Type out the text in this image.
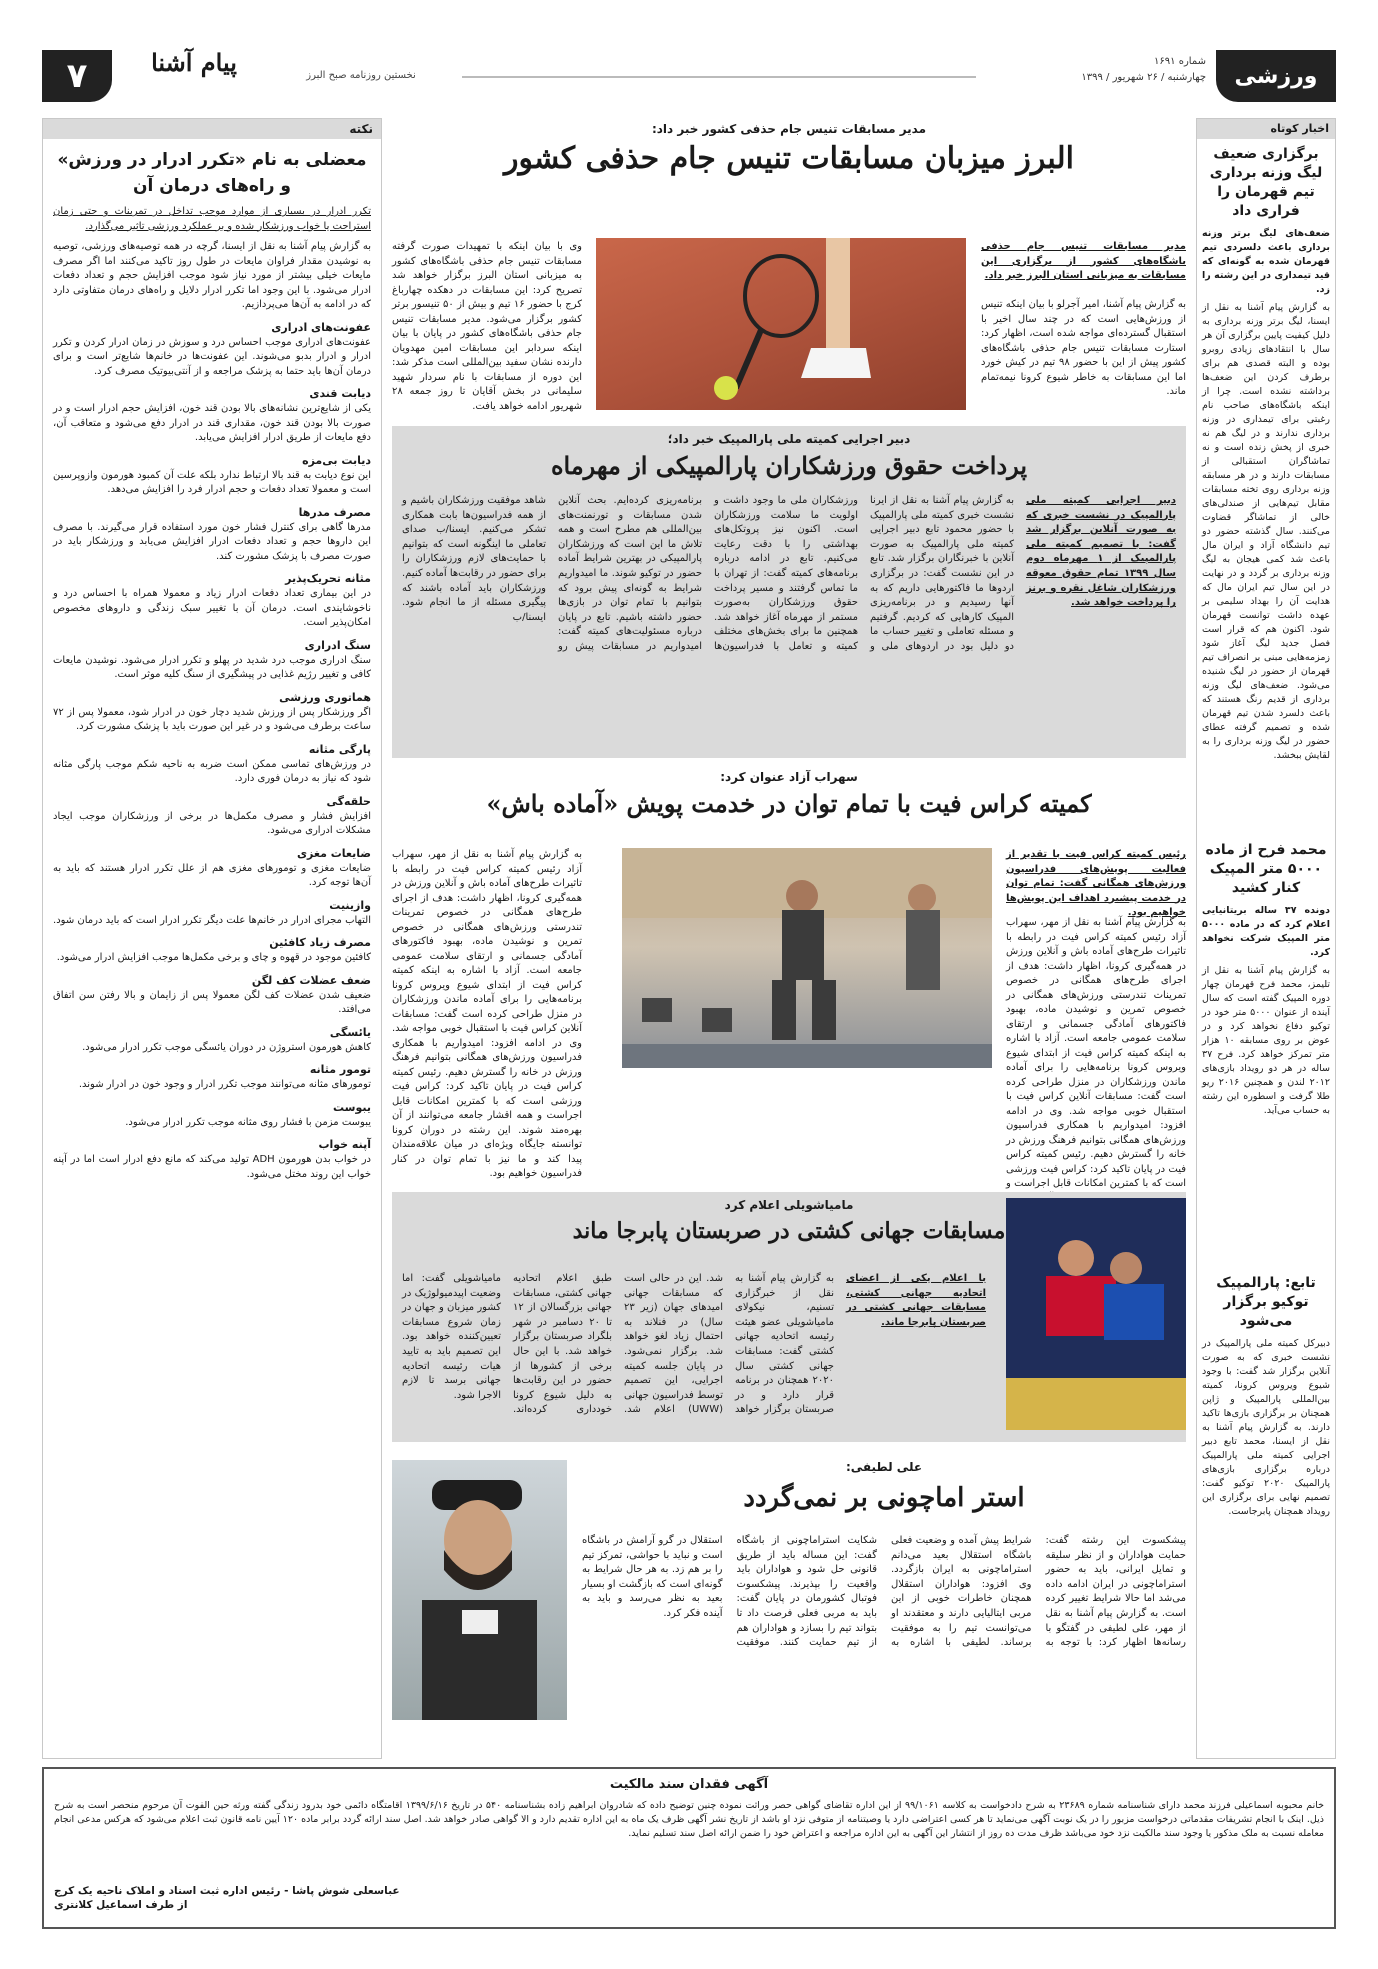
ورزشی
شماره ۱۶۹۱
چهارشنبه / ۲۶ شهریور / ۱۳۹۹
۷	پیام آشنا	نخستین روزنامه صبح البرز
اخبار کوتاه
برگزاری ضعیف لیگ وزنه برداری تیم قهرمان را فراری داد
ضعف‌های لیگ برتر وزنه برداری باعث دلسردی تیم قهرمان شده به گونه‌ای که قید تیمداری در این رشته را زد.
به گزارش پیام آشنا به نقل از ایسنا، لیگ برتر وزنه برداری به دلیل کیفیت پایین برگزاری آن هر سال با انتقادهای زیادی روبرو بوده و البته قصدی هم برای برطرف کردن این ضعف‌ها برداشته نشده است. چرا از اینکه باشگاه‌های صاحب نام رغبتی برای تیمداری در وزنه برداری ندارند و در لیگ هم نه خبری از پخش زنده است و نه تماشاگران استقبالی از مسابقات دارند و در هر مسابقه وزنه برداری روی تخته مسابقات مقابل تیم‌هایی از صندلی‌های خالی از تماشاگر قضاوت می‌کنند. سال گذشته حضور دو تیم دانشگاه آزاد و ایران مال باعث شد کمی هیجان به لیگ وزنه برداری بر گردد و در نهایت در این سال تیم ایران مال که هدایت آن را بهداد سلیمی بر عهده داشت توانست قهرمان شود. اکنون هم که قرار است فصل جدید لیگ آغاز شود زمزمه‌هایی مبنی بر انصراف تیم قهرمان از حضور در لیگ شنیده می‌شود. ضعف‌های لیگ وزنه برداری از قدیم رنگ هستند که باعث دلسرد شدن تیم قهرمان شده و تصمیم گرفته عطای حضور در لیگ وزنه برداری را به لقایش ببخشد.
محمد فرح از ماده ۵۰۰۰ متر المپیک کنار کشید
دونده ۳۷ ساله بریتانیایی اعلام کرد که در ماده ۵۰۰۰ متر المپیک شرکت نخواهد کرد.
به گزارش پیام آشنا به نقل از تلیمز، محمد فرح قهرمان چهار دوره المپیک گفته است که سال آینده از عنوان ۵۰۰۰ متر خود در توکیو دفاع نخواهد کرد و در عوض بر روی مسابقه ۱۰ هزار متر تمرکز خواهد کرد. فرح ۳۷ ساله در هر دو رویداد بازی‌های ۲۰۱۲ لندن و همچنین ۲۰۱۶ ریو طلا گرفت و اسطوره این رشته به حساب می‌آید.
تابع: پارالمپیک توکیو برگزار می‌شود
دبیرکل کمیته ملی پارالمپیک در نشست خبری که به صورت آنلاین برگزار شد گفت: با وجود شیوع ویروس کرونا، کمیته بین‌المللی پارالمپیک و ژاپن همچنان بر برگزاری بازی‌ها تاکید دارند. به گزارش پیام آشنا به نقل از ایسنا، محمد تابع دبیر اجرایی کمیته ملی پارالمپیک درباره برگزاری بازی‌های پارالمپیک ۲۰۲۰ توکیو گفت: تصمیم نهایی برای برگزاری این رویداد همچنان پابرجاست.
نکته
معضلی به نام «تکرر ادرار در ورزش» و راه‌های درمان آن
تکرر ادرار در بسیاری از موارد موجب تداخل در تمرینات و حتی زمان استراحت یا خواب ورزشکار شده و بر عملکرد ورزشی تاثیر می‌گذارد.
به گزارش پیام آشنا به نقل از ایسنا، گرچه در همه توصیه‌های ورزشی، توصیه به نوشیدن مقدار فراوان مایعات در طول روز تاکید می‌کنند اما اگر مصرف مایعات خیلی بیشتر از مورد نیاز شود موجب افزایش حجم و تعداد دفعات ادرار می‌شود. با این وجود اما تکرر ادرار دلایل و راه‌های درمان متفاوتی دارد که در ادامه به آن‌ها می‌پردازیم.
عفونت‌های ادراری
عفونت‌های ادراری موجب احساس درد و سوزش در زمان ادرار کردن و تکرر ادرار و ادرار بدبو می‌شوند. این عفونت‌ها در خانم‌ها شایع‌تر است و برای درمان آن‌ها باید حتما به پزشک مراجعه و از آنتی‌بیوتیک مصرف کرد.
دیابت قندی
یکی از شایع‌ترین نشانه‌های بالا بودن قند خون، افزایش حجم ادرار است و در صورت بالا بودن قند خون، مقداری قند در ادرار دفع می‌شود و متعاقب آن، دفع مایعات از طریق ادرار افزایش می‌یابد.
دیابت بی‌مزه
این نوع دیابت به قند بالا ارتباط ندارد بلکه علت آن کمبود هورمون وازوپرسین است و معمولا تعداد دفعات و حجم ادرار فرد را افزایش می‌دهد.
مصرف مدرها
مدرها گاهی برای کنترل فشار خون مورد استفاده قرار می‌گیرند. با مصرف این داروها حجم و تعداد دفعات ادرار افزایش می‌یابد و ورزشکار باید در صورت مصرف با پزشک مشورت کند.
مثانه تحریک‌پذیر
در این بیماری تعداد دفعات ادرار زیاد و معمولا همراه با احساس درد و ناخوشایندی است. درمان آن با تغییر سبک زندگی و داروهای مخصوص امکان‌پذیر است.
سنگ ادراری
سنگ ادراری موجب درد شدید در پهلو و تکرر ادرار می‌شود. نوشیدن مایعات کافی و تغییر رژیم غذایی در پیشگیری از سنگ کلیه موثر است.
هماتوری ورزشی
اگر ورزشکار پس از ورزش شدید دچار خون در ادرار شود، معمولا پس از ۷۲ ساعت برطرف می‌شود و در غیر این صورت باید با پزشک مشورت کرد.
پارگی مثانه
در ورزش‌های تماسی ممکن است ضربه به ناحیه شکم موجب پارگی مثانه شود که نیاز به درمان فوری دارد.
حلقه‌گی
افزایش فشار و مصرف مکمل‌ها در برخی از ورزشکاران موجب ایجاد مشکلات ادراری می‌شود.
ضایعات مغزی
ضایعات مغزی و تومورهای مغزی هم از علل تکرر ادرار هستند که باید به آن‌ها توجه کرد.
وازینیت
التهاب مجرای ادرار در خانم‌ها علت دیگر تکرر ادرار است که باید درمان شود.
مصرف زیاد کافئین
کافئین موجود در قهوه و چای و برخی مکمل‌ها موجب افزایش ادرار می‌شود.
ضعف عضلات کف لگن
ضعیف شدن عضلات کف لگن معمولا پس از زایمان و بالا رفتن سن اتفاق می‌افتد.
یائسگی
کاهش هورمون استروژن در دوران یائسگی موجب تکرر ادرار می‌شود.
تومور مثانه
تومورهای مثانه می‌توانند موجب تکرر ادرار و وجود خون در ادرار شوند.
یبوست
یبوست مزمن با فشار روی مثانه موجب تکرر ادرار می‌شود.
آپنه خواب
در خواب بدن هورمون ADH تولید می‌کند که مانع دفع ادرار است اما در آپنه خواب این روند مختل می‌شود.
مدیر مسابقات تنیس جام حذفی کشور خبر داد:
البرز میزبان مسابقات تنیس جام حذفی کشور
مدیر مسابقات تنیس جام حذفی باشگاه‌های کشور از برگزاری این مسابقات به میزبانی استان البرز خبر داد.
به گزارش پیام آشنا، امیر آجرلو با بیان اینکه تنیس از ورزش‌هایی است که در چند سال اخیر با استقبال گسترده‌ای مواجه شده است، اظهار کرد: استارت مسابقات تنیس جام حذفی باشگاه‌های کشور پیش از این با حضور ۹۸ تیم در کیش خورد اما این مسابقات به خاطر شیوع کرونا نیمه‌تمام ماند.
وی با بیان اینکه با تمهیدات صورت گرفته مسابقات تنیس جام حذفی باشگاه‌های کشور به میزبانی استان البرز برگزار خواهد شد تصریح کرد: این مسابقات در دهکده چهارباغ کرج با حضور ۱۶ تیم و بیش از ۵۰ تنیسور برتر کشور برگزار می‌شود. مدیر مسابقات تنیس جام حذفی باشگاه‌های کشور در پایان با بیان اینکه سردابر این مسابقات امین مهدویان دارنده نشان سفید بین‌المللی است مذکر شد: این دوره از مسابقات با نام سردار شهید سلیمانی در بخش آقایان تا روز جمعه ۲۸ شهریور ادامه خواهد یافت.
دبیر اجرایی کمیته ملی پارالمپیک خبر داد؛
پرداخت حقوق ورزشکاران پارالمپیکی از مهرماه
دبیر اجرایی کمیته ملی پارالمپیک در نشست خبری که به صورت آنلاین برگزار شد گفت: با تصمیم کمیته ملی پارالمپیک از ۱ مهرماه دوم سال ۱۳۹۹ تمام حقوق معوقه ورزشکاران شاغل نقره و برنز را پرداخت خواهد شد.
به گزارش پیام آشنا به نقل از ایرنا نشست خبری کمیته ملی پارالمپیک با حضور محمود تابع دبیر اجرایی کمیته ملی پارالمپیک به صورت آنلاین با خبرنگاران برگزار شد. تابع در این نشست گفت: در برگزاری اردوها ما فاکتورهایی داریم که به آنها رسیدیم و در برنامه‌ریزی المپیک کارهایی که کردیم. گرفتیم و مسئله تعاملی و تغییر حساب ما دو دلیل بود در اردوهای ملی و ورزشکاران ملی ما وجود داشت و اولویت ما سلامت ورزشکاران است. اکنون نیز پروتکل‌های بهداشتی را با دقت رعایت می‌کنیم. تابع در ادامه درباره برنامه‌های کمیته گفت: از تهران با ما تماس گرفتند و مسیر پرداخت حقوق ورزشکاران به‌صورت مستمر از مهرماه آغاز خواهد شد. همچنین ما برای بخش‌های مختلف کمیته و تعامل با فدراسیون‌ها برنامه‌ریزی کرده‌ایم. بحث آنلاین شدن مسابقات و تورنمنت‌های بین‌المللی هم مطرح است و همه تلاش ما این است که ورزشکاران پارالمپیکی در بهترین شرایط آماده حضور در توکیو شوند. ما امیدواریم شرایط به گونه‌ای پیش برود که بتوانیم با تمام توان در بازی‌ها حضور داشته باشیم. تابع در پایان درباره مسئولیت‌های کمیته گفت: امیدواریم در مسابقات پیش رو شاهد موفقیت ورزشکاران باشیم و از همه فدراسیون‌ها بابت همکاری تشکر می‌کنیم. ایسنا/ب صدای تعاملی ما اینگونه است که بتوانیم با حمایت‌های لازم ورزشکاران را برای حضور در رقابت‌ها آماده کنیم. ورزشکاران باید آماده باشند که پیگیری مسئله از ما انجام شود. ایسنا/ب
سهراب آزاد عنوان کرد:
کمیته کراس فیت با تمام توان در خدمت پویش «آماده باش»
رئیس کمیته کراس فیت با تقدیر از فعالیت پویش‌های فدراسیون ورزش‌های همگانی گفت: تمام توان در خدمت پیشبرد اهداف این پویش‌ها خواهیم بود.
به گزارش پیام آشنا به نقل از مهر، سهراب آزاد رئیس کمیته کراس فیت در رابطه با تاثیرات طرح‌های آماده باش و آنلاین ورزش در همه‌گیری کرونا، اظهار داشت: هدف از اجرای طرح‌های همگانی در خصوص تمرینات تندرستی ورزش‌های همگانی در خصوص تمرین و نوشیدن ماده، بهبود فاکتورهای آمادگی جسمانی و ارتقای سلامت عمومی جامعه است. آزاد با اشاره به اینکه کمیته کراس فیت از ابتدای شیوع ویروس کرونا برنامه‌هایی را برای آماده ماندن ورزشکاران در منزل طراحی کرده است گفت: مسابقات آنلاین کراس فیت با استقبال خوبی مواجه شد. وی در ادامه افزود: امیدواریم با همکاری فدراسیون ورزش‌های همگانی بتوانیم فرهنگ ورزش در خانه را گسترش دهیم. رئیس کمیته کراس فیت در پایان تاکید کرد: کراس فیت ورزشی است که با کمترین امکانات قابل اجراست و
به گزارش پیام آشنا به نقل از مهر، سهراب آزاد رئیس کمیته کراس فیت در رابطه با تاثیرات طرح‌های آماده باش و آنلاین ورزش در همه‌گیری کرونا، اظهار داشت: هدف از اجرای طرح‌های همگانی در خصوص تمرینات تندرستی ورزش‌های همگانی در خصوص تمرین و نوشیدن ماده، بهبود فاکتورهای آمادگی جسمانی و ارتقای سلامت عمومی جامعه است. آزاد با اشاره به اینکه کمیته کراس فیت از ابتدای شیوع ویروس کرونا برنامه‌هایی را برای آماده ماندن ورزشکاران در منزل طراحی کرده است گفت: مسابقات آنلاین کراس فیت با استقبال خوبی مواجه شد. وی در ادامه افزود: امیدواریم با همکاری فدراسیون ورزش‌های همگانی بتوانیم فرهنگ ورزش در خانه را گسترش دهیم. رئیس کمیته کراس فیت در پایان تاکید کرد: کراس فیت ورزشی است که با کمترین امکانات قابل اجراست و همه اقشار جامعه می‌توانند از آن بهره‌مند شوند. این رشته در دوران کرونا توانسته جایگاه ویژه‌ای در میان علاقه‌مندان پیدا کند و ما نیز با تمام توان در کنار فدراسیون خواهیم بود.
مامیاشویلی اعلام کرد
مسابقات جهانی کشتی در صربستان پابرجا ماند
با اعلام یکی از اعضای اتحادیه جهانی کشتی، مسابقات جهانی کشتی در صربستان پابرجا ماند.
به گزارش پیام آشنا به نقل از خبرگزاری تسنیم، نیکولای مامیاشویلی عضو هیئت رئیسه اتحادیه جهانی کشتی گفت: مسابقات جهانی کشتی سال ۲۰۲۰ همچنان در برنامه قرار دارد و در صربستان برگزار خواهد شد. این در حالی است که مسابقات جهانی امیدهای جهان (زیر ۲۳ سال) در فنلاند به احتمال زیاد لغو خواهد شد. برگزار نمی‌شود. در پایان جلسه کمیته اجرایی، این تصمیم توسط فدراسیون جهانی (UWW) اعلام شد. طبق اعلام اتحادیه جهانی کشتی، مسابقات جهانی بزرگسالان از ۱۲ تا ۲۰ دسامبر در شهر بلگراد صربستان برگزار خواهد شد. با این حال برخی از کشورها از حضور در این رقابت‌ها به دلیل شیوع کرونا خودداری کرده‌اند. مامیاشویلی گفت: اما وضعیت اپیدمیولوژیک در کشور میزبان و جهان در زمان شروع مسابقات تعیین‌کننده خواهد بود. این تصمیم باید به تایید هیات رئیسه اتحادیه جهانی برسد تا لازم الاجرا شود.
علی لطیفی:
استر اماچونی بر نمی‌گردد
پیشکسوت این رشته گفت: حمایت هواداران و از نظر سلیقه و تمایل ایرانی، باید به حضور استراماچونی در ایران ادامه داده می‌شد اما حالا شرایط تغییر کرده است. به گزارش پیام آشنا به نقل از مهر، علی لطیفی در گفتگو با رسانه‌ها اظهار کرد: با توجه به شرایط پیش آمده و وضعیت فعلی باشگاه استقلال بعید می‌دانم استراماچونی به ایران بازگردد. وی افزود: هواداران استقلال همچنان خاطرات خوبی از این مربی ایتالیایی دارند و معتقدند او می‌توانست تیم را به موفقیت برساند. لطیفی با اشاره به شکایت استراماچونی از باشگاه گفت: این مساله باید از طریق قانونی حل شود و هواداران باید واقعیت را بپذیرند. پیشکسوت فوتبال کشورمان در پایان گفت: باید به مربی فعلی فرصت داد تا بتواند تیم را بسازد و هواداران هم از تیم حمایت کنند. موفقیت استقلال در گرو آرامش در باشگاه است و نباید با حواشی، تمرکز تیم را بر هم زد. به هر حال شرایط به گونه‌ای است که بازگشت او بسیار بعید به نظر می‌رسد و باید به آینده فکر کرد.
آگهی فقدان سند مالکیت
خانم محبوبه اسماعیلی فرزند محمد دارای شناسنامه شماره ۲۳۶۸۹ به شرح دادخواست به کلاسه ۹۹/۱۰۶۱ از این اداره تقاضای گواهی حصر وراثت نموده چنین توضیح داده که شادروان ابراهیم زاده بشناسنامه ۵۴۰ در تاریخ ۱۳۹۹/۶/۱۶ اقامتگاه دائمی خود بدرود زندگی گفته ورثه حین الفوت آن مرحوم منحصر است به شرح ذیل. اینک با انجام تشریفات مقدماتی درخواست مزبور را در یک نوبت آگهی می‌نماید تا هر کسی اعتراضی دارد یا وصیتنامه از متوفی نزد او باشد از تاریخ نشر آگهی ظرف یک ماه به این اداره تقدیم دارد و الا گواهی صادر خواهد شد. اصل سند ارائه گردد برابر ماده ۱۲۰ آیین نامه قانون ثبت اعلام می‌شود که هرکس مدعی انجام معامله نسبت به ملک مذکور یا وجود سند مالکیت نزد خود می‌باشد ظرف مدت ده روز از انتشار این آگهی به این اداره مراجعه و اعتراض خود را ضمن ارائه اصل سند تسلیم نماید.
عباسعلی شوش پاشا - رئیس اداره ثبت اسناد و املاک ناحیه یک کرج
از طرف اسماعیل کلانتری
